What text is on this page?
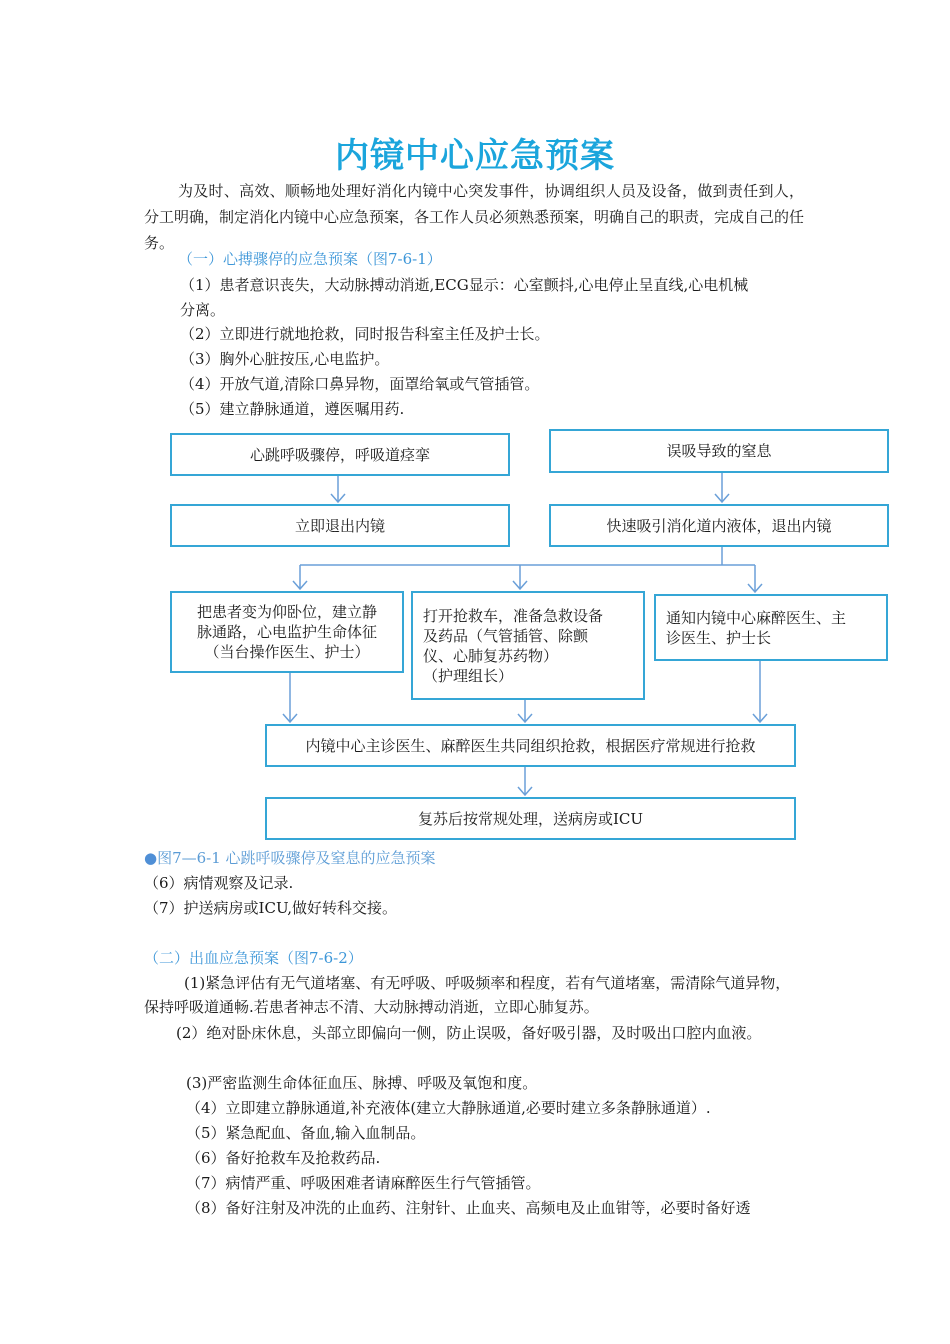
内镜中心应急预案
为及时、高效、顺畅地处理好消化内镜中心突发事件，协调组织人员及设备，做到责任到人，分工明确，制定消化内镜中心应急预案，各工作人员必须熟悉预案，明确自己的职责，完成自己的任务。
（一）心搏骤停的应急预案（图7-6-1）
（1）患者意识丧失，大动脉搏动消逝,ECG显示：心室颤抖,心电停止呈直线,心电机械
分离。
（2）立即进行就地抢救，同时报告科室主任及护士长。
（3）胸外心脏按压,心电监护。
（4）开放气道,清除口鼻异物，面罩给氧或气管插管。
（5）建立静脉通道，遵医嘱用药.
心跳呼吸骤停，呼吸道痉挛	误吸导致的窒息
立即退出内镜	快速吸引消化道内液体，退出内镜
把患者变为仰卧位，建立静
脉通路，心电监护生命体征
（当台操作医生、护士）
打开抢救车，准备急救设备
及药品（气管插管、除颤
仪、心肺复苏药物）
（护理组长）
通知内镜中心麻醉医生、主
诊医生、护士长
内镜中心主诊医生、麻醉医生共同组织抢救，根据医疗常规进行抢救
复苏后按常规处理，送病房或ICU
●图7—6-1 心跳呼吸骤停及窒息的应急预案
（6）病情观察及记录.
（7）护送病房或ICU,做好转科交接。
（二）出血应急预案（图7-6-2）
(1)紧急评估有无气道堵塞、有无呼吸、呼吸频率和程度，若有气道堵塞，需清除气道异物，保持呼吸道通畅.若患者神志不清、大动脉搏动消逝，立即心肺复苏。
(2）绝对卧床休息，头部立即偏向一侧，防止误吸，备好吸引器，及时吸出口腔内血液。
(3)严密监测生命体征血压、脉搏、呼吸及氧饱和度。
（4）立即建立静脉通道,补充液体(建立大静脉通道,必要时建立多条静脉通道）.
（5）紧急配血、备血,输入血制品。
（6）备好抢救车及抢救药品.
（7）病情严重、呼吸困难者请麻醉医生行气管插管。
（8）备好注射及冲洗的止血药、注射针、止血夹、高频电及止血钳等，必要时备好透
